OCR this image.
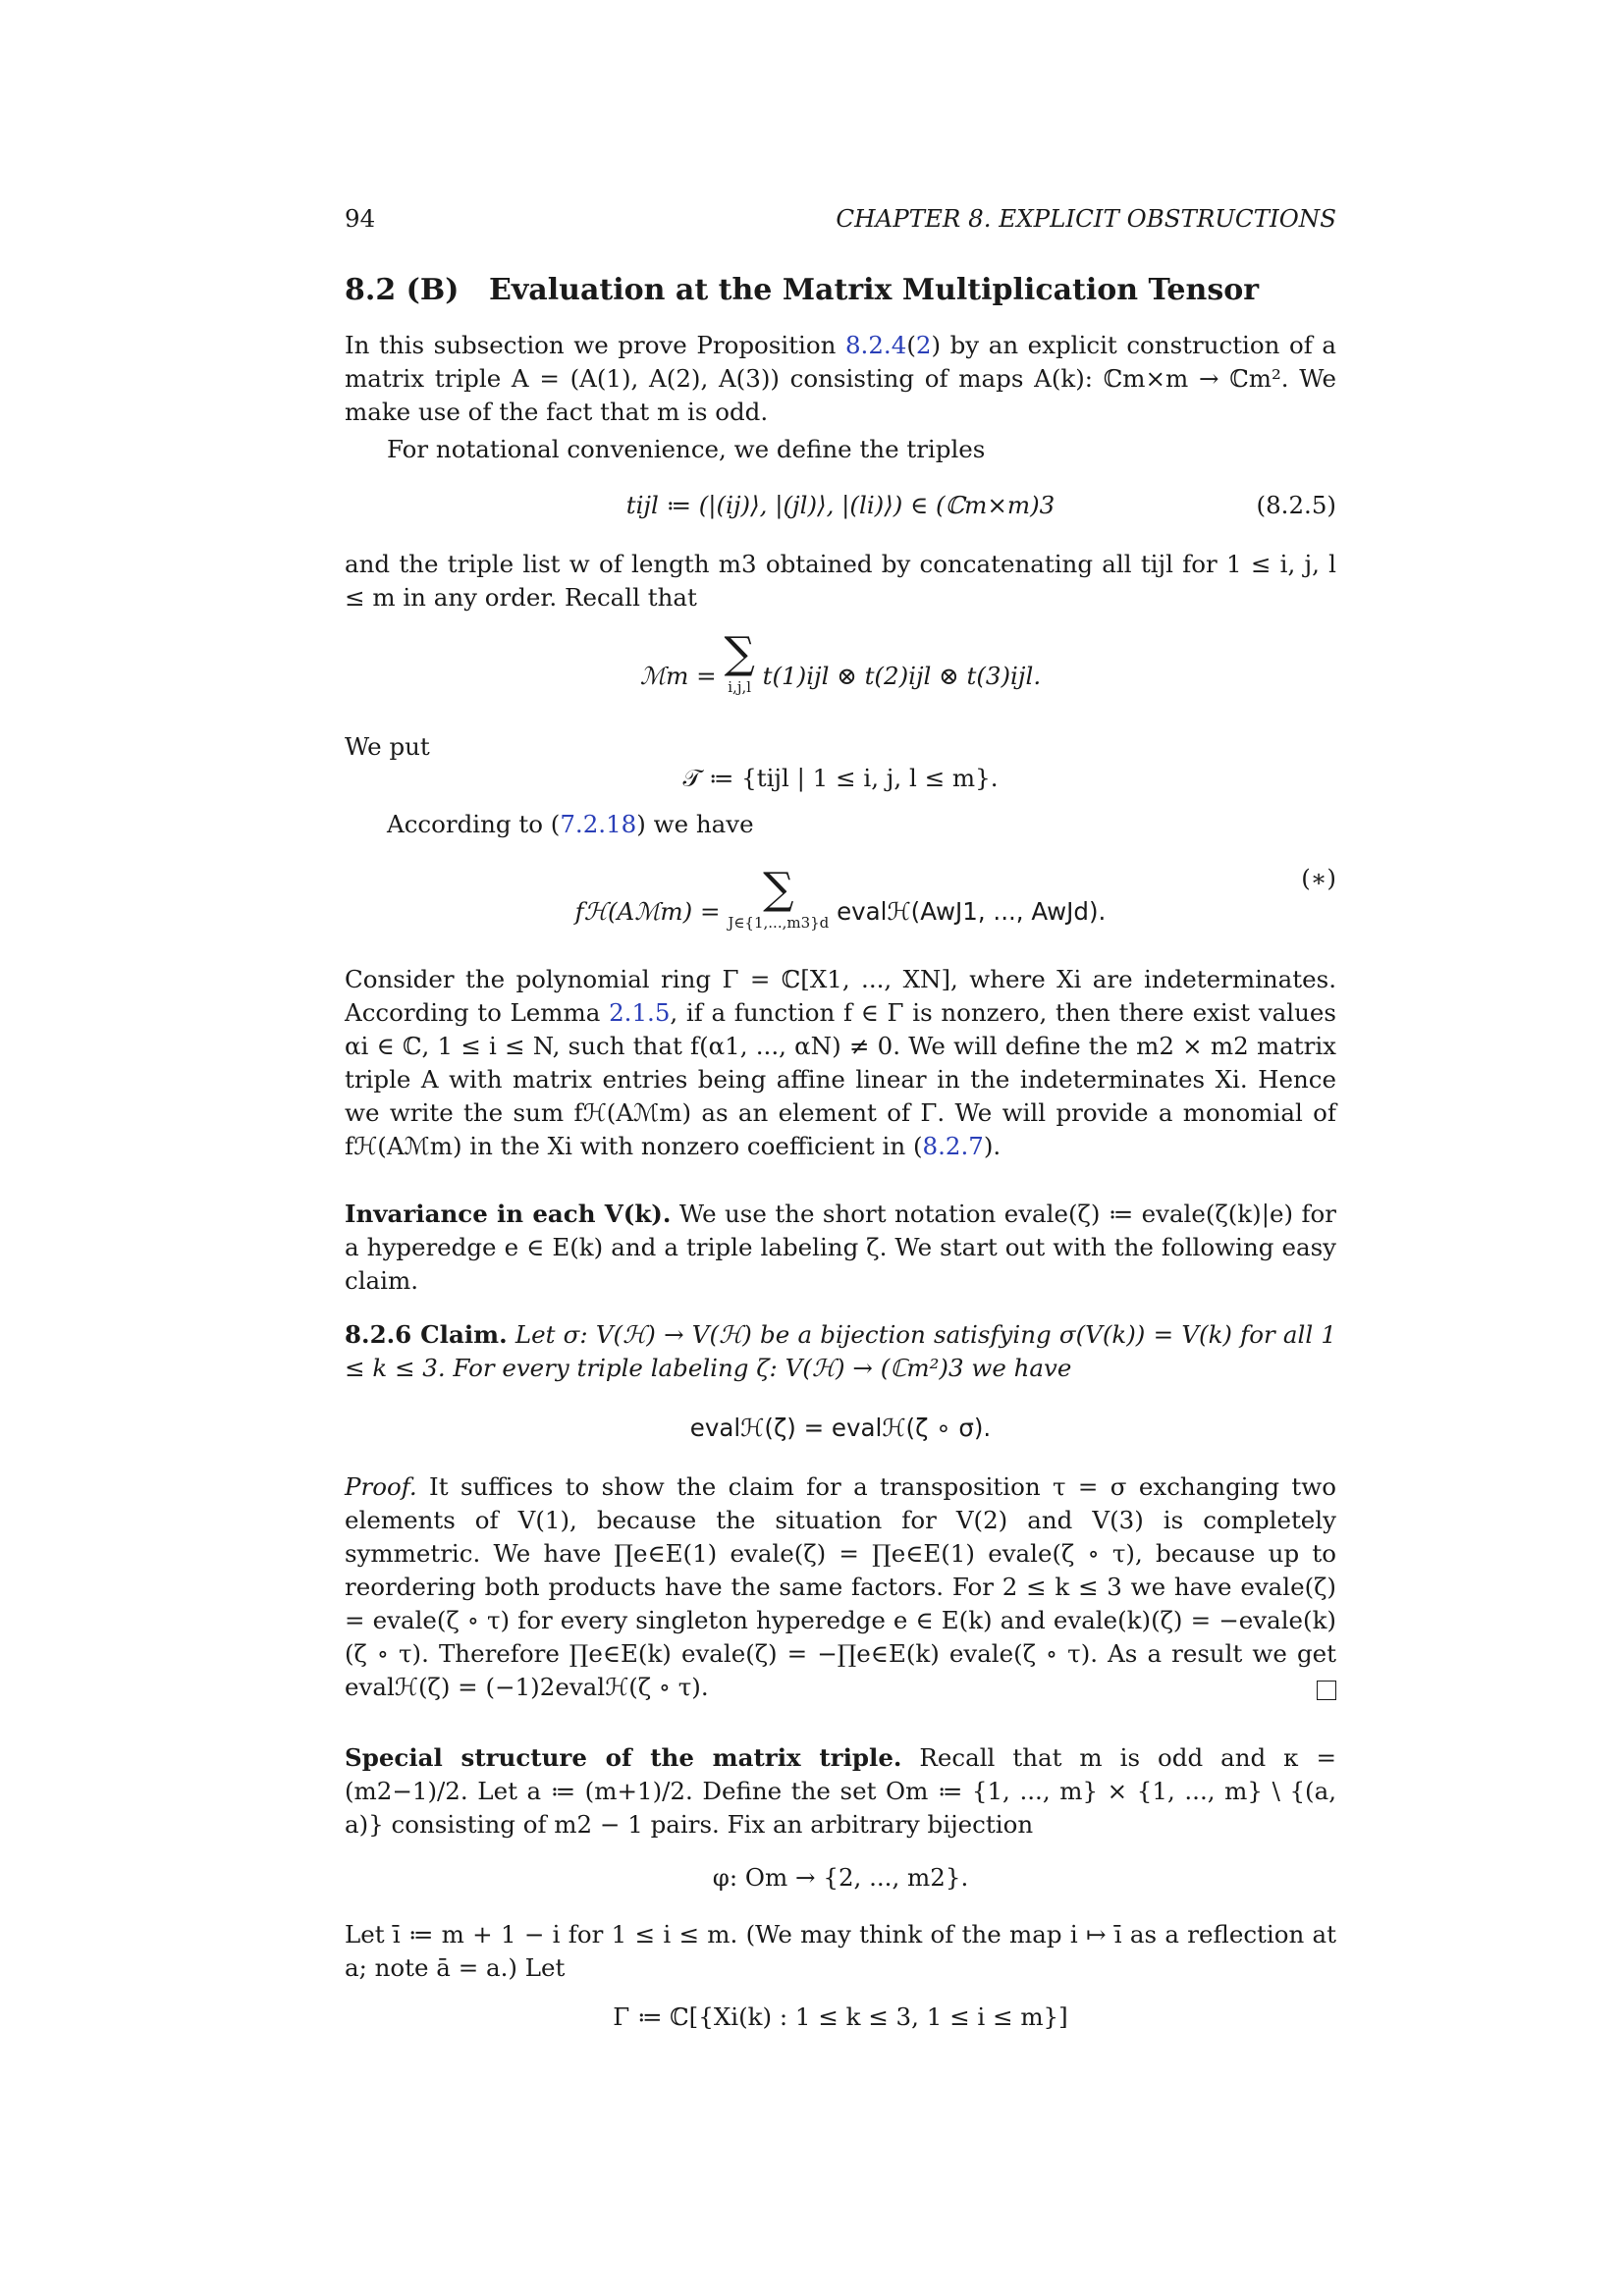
94	CHAPTER 8. EXPLICIT OBSTRUCTIONS
8.2 (B) Evaluation at the Matrix Multiplication Tensor
In this subsection we prove Proposition 8.2.4(2) by an explicit construction of a matrix triple A = (A(1), A(2), A(3)) consisting of maps A(k): ℂm×m → ℂm². We make use of the fact that m is odd.
For notational convenience, we define the triples
tijl ≔ (|(ij)⟩, |(jl)⟩, |(li)⟩) ∈ (ℂm×m)3	(8.2.5)
and the triple list w of length m3 obtained by concatenating all tijl for 1 ≤ i, j, l ≤ m in any order. Recall that
ℳm = ∑
i,j,l t(1)ijl ⊗ t(2)ijl ⊗ t(3)ijl.
We put
𝒯 ≔ {tijl | 1 ≤ i, j, l ≤ m}.
According to (7.2.18) we have
fℋ(Aℳm) = ∑
J∈{1,...,m3}d evalℋ(AwJ1, ..., AwJd).
(∗)
Consider the polynomial ring Γ = ℂ[X1, ..., XN], where Xi are indeterminates. According to Lemma 2.1.5, if a function f ∈ Γ is nonzero, then there exist values αi ∈ ℂ, 1 ≤ i ≤ N, such that f(α1, ..., αN) ≠ 0. We will define the m2 × m2 matrix triple A with matrix entries being affine linear in the indeterminates Xi. Hence we write the sum fℋ(Aℳm) as an element of Γ. We will provide a monomial of fℋ(Aℳm) in the Xi with nonzero coefficient in (8.2.7).
Invariance in each V(k). We use the short notation evale(ζ) ≔ evale(ζ(k)|e) for a hyperedge e ∈ E(k) and a triple labeling ζ. We start out with the following easy claim.
8.2.6 Claim. Let σ: V(ℋ) → V(ℋ) be a bijection satisfying σ(V(k)) = V(k) for all 1 ≤ k ≤ 3. For every triple labeling ζ: V(ℋ) → (ℂm²)3 we have
evalℋ(ζ) = evalℋ(ζ ∘ σ).
Proof. It suffices to show the claim for a transposition τ = σ exchanging two elements of V(1), because the situation for V(2) and V(3) is completely symmetric. We have ∏e∈E(1) evale(ζ) = ∏e∈E(1) evale(ζ ∘ τ), because up to reordering both products have the same factors. For 2 ≤ k ≤ 3 we have evale(ζ) = evale(ζ ∘ τ) for every singleton hyperedge e ∈ E(k) and evale(k)(ζ) = −evale(k)(ζ ∘ τ). Therefore ∏e∈E(k) evale(ζ) = −∏e∈E(k) evale(ζ ∘ τ). As a result we get evalℋ(ζ) = (−1)2evalℋ(ζ ∘ τ).
Special structure of the matrix triple. Recall that m is odd and κ = (m2−1)/2. Let a ≔ (m+1)/2. Define the set Om ≔ {1, ..., m} × {1, ..., m} \ {(a, a)} consisting of m2 − 1 pairs. Fix an arbitrary bijection
φ: Om → {2, ..., m2}.
Let ī ≔ m + 1 − i for 1 ≤ i ≤ m. (We may think of the map i ↦ ī as a reflection at a; note ā = a.) Let
Γ ≔ ℂ[{Xi(k) : 1 ≤ k ≤ 3, 1 ≤ i ≤ m}]
